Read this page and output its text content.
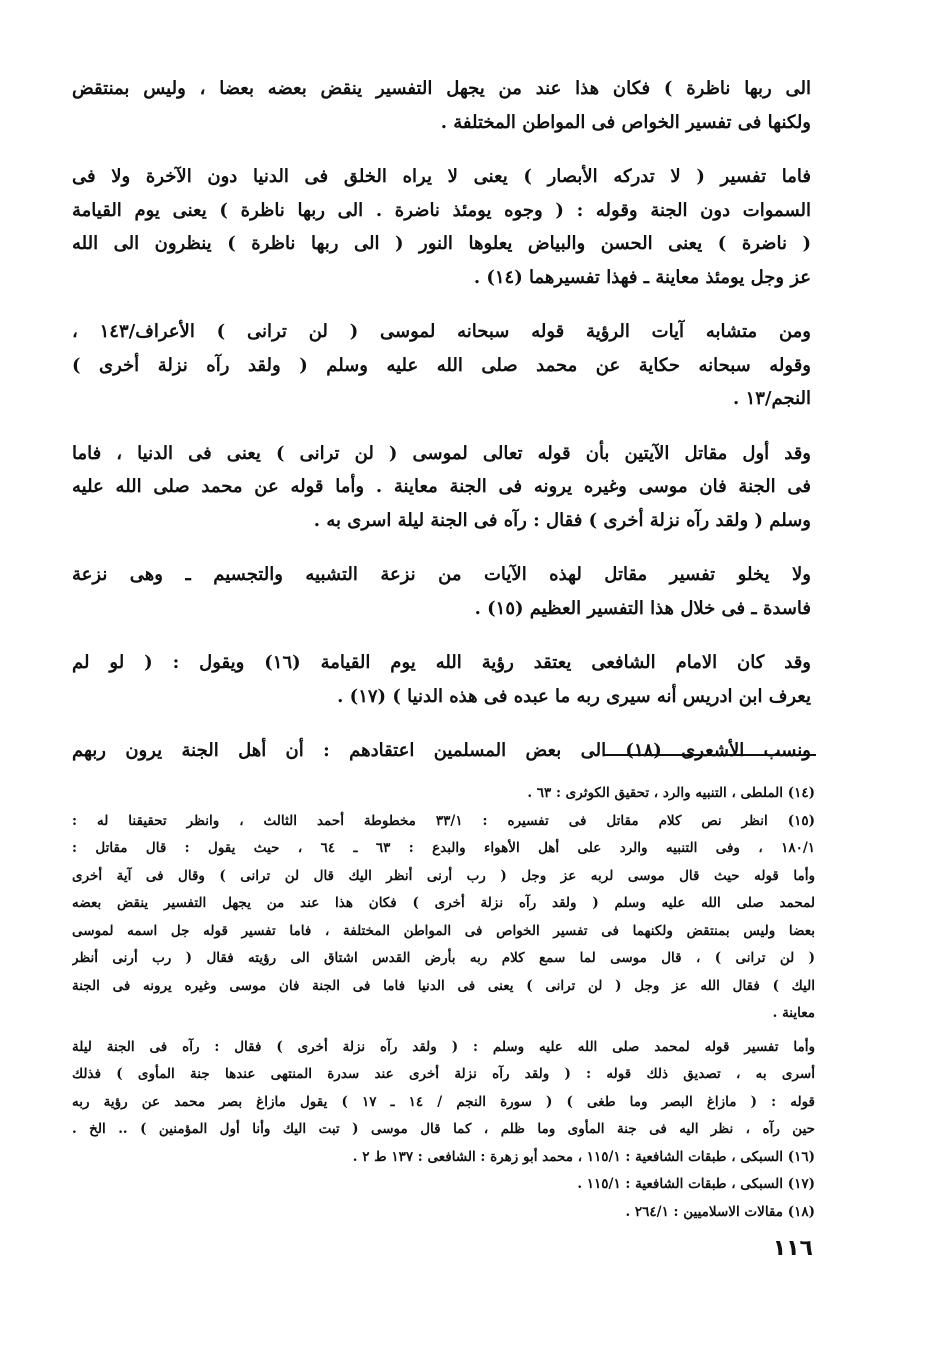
الى ربها ناظرة ) فكان هذا عند من يجهل التفسير ينقض بعضه بعضا ، وليس بمنتقض
ولكنها فى تفسير الخواص فى المواطن المختلفة .

فاما تفسير ( لا تدركه الأبصار ) يعنى لا يراه الخلق فى الدنيا دون الآخرة ولا فى
السموات دون الجنة وقوله : ( وجوه يومئذ ناضرة . الى ربها ناظرة ) يعنى يوم القيامة
( ناضرة ) يعنى الحسن والبياض يعلوها النور ( الى ربها ناظرة ) ينظرون الى الله
عز وجل يومئذ معاينة ـ فهذا تفسيرهما (١٤) .

ومن متشابه آيات الرؤية قوله سبحانه لموسى ( لن ترانى ) الأعراف/١٤٣ ،
وقوله سبحانه حكاية عن محمد صلى الله عليه وسلم ( ولقد رآه نزلة أخرى )
النجم/١٣ .

وقد أول مقاتل الآيتين بأن قوله تعالى لموسى ( لن ترانى ) يعنى فى الدنيا ، فاما
فى الجنة فان موسى وغيره يرونه فى الجنة معاينة . وأما قوله عن محمد صلى الله عليه
وسلم ( ولقد رآه نزلة أخرى ) فقال : رآه فى الجنة ليلة اسرى به .

ولا يخلو تفسير مقاتل لهذه الآيات من نزعة التشبيه والتجسيم ـ وهى نزعة
فاسدة ـ فى خلال هذا التفسير العظيم (١٥) .

وقد كان الامام الشافعى يعتقد رؤية الله يوم القيامة (١٦) ويقول : ( لو لم
يعرف ابن ادريس أنه سيرى ربه ما عبده فى هذه الدنيا ) (١٧) .

ونسب الأشعرى (١٨) الى بعض المسلمين اعتقادهم : أن أهل الجنة يرون ربهم

(١٤) الملطى ، التنبيه والرد ، تحقيق الكوثرى : ٦٣ .

(١٥) انظر نص كلام مقاتل فى تفسيره : ٣٣/١ مخطوطة أحمد الثالث ، وانظر تحقيقنا له :
١٨٠/١ ، وفى التنبيه والرد على أهل الأهواء والبدع : ٦٣ ـ ٦٤ ، حيث يقول : قال مقاتل :
وأما قوله حيث قال موسى لربه عز وجل ( رب أرنى أنظر اليك قال لن ترانى ) وقال فى آية أخرى
لمحمد صلى الله عليه وسلم ( ولقد رآه نزلة أخرى ) فكان هذا عند من يجهل التفسير ينقض بعضه
بعضا وليس بمنتقض ولكنهما فى تفسير الخواص فى المواطن المختلفة ، فاما تفسير قوله جل اسمه لموسى
( لن ترانى ) ، قال موسى لما سمع كلام ربه بأرض القدس اشتاق الى رؤيته فقال ( رب أرنى أنظر
اليك ) فقال الله عز وجل ( لن ترانى ) يعنى فى الدنيا فاما فى الجنة فان موسى وغيره يرونه فى الجنة
معاينة .

وأما تفسير قوله لمحمد صلى الله عليه وسلم : ( ولقد رآه نزلة أخرى ) فقال : رآه فى الجنة ليلة
أسرى به ، تصديق ذلك قوله : ( ولقد رآه نزلة أخرى عند سدرة المنتهى عندها جنة المأوى ) فذلك
قوله : ( مازاغ البصر وما طغى ) ( سورة النجم / ١٤ ـ ١٧ ) يقول مازاغ بصر محمد عن رؤية ربه
حين رآه ، نظر اليه فى جنة المأوى وما ظلم ، كما قال موسى ( تبت اليك وأنا أول المؤمنين ) .. الخ .

(١٦) السبكى ، طبقات الشافعية : ١١٥/١ ، محمد أبو زهرة : الشافعى : ١٣٧ ط ٢ .

(١٧) السبكى ، طبقات الشافعية : ١١٥/١ .

(١٨) مقالات الاسلاميين : ٢٦٤/١ .

١١٦
